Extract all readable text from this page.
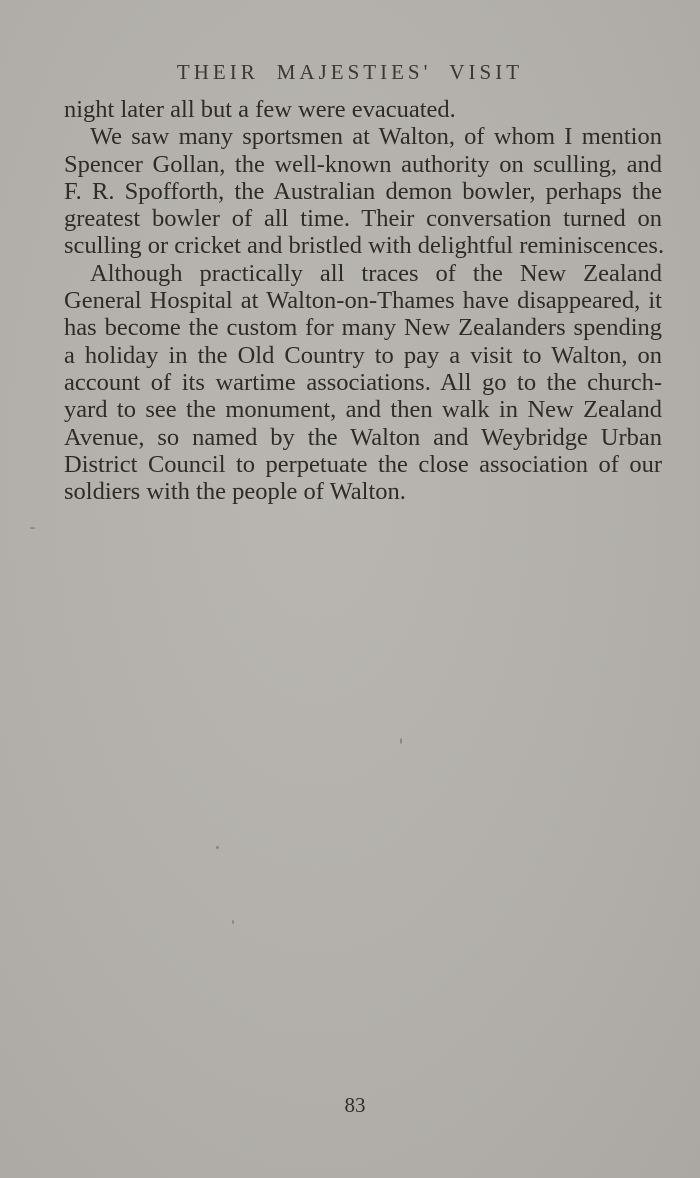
THEIR MAJESTIES' VISIT
night later all but a few were evacuated.
We saw many sportsmen at Walton, of whom I mention
Spencer Gollan, the well-known authority on sculling, and
F. R. Spofforth, the Australian demon bowler, perhaps the
greatest bowler of all time. Their conversation turned on
sculling or cricket and bristled with delightful reminiscences.
Although practically all traces of the New Zealand
General Hospital at Walton-on-Thames have disappeared, it
has become the custom for many New Zealanders spending
a holiday in the Old Country to pay a visit to Walton, on
account of its wartime associations. All go to the church-
yard to see the monument, and then walk in New Zealand
Avenue, so named by the Walton and Weybridge Urban
District Council to perpetuate the close association of our
soldiers with the people of Walton.
83
